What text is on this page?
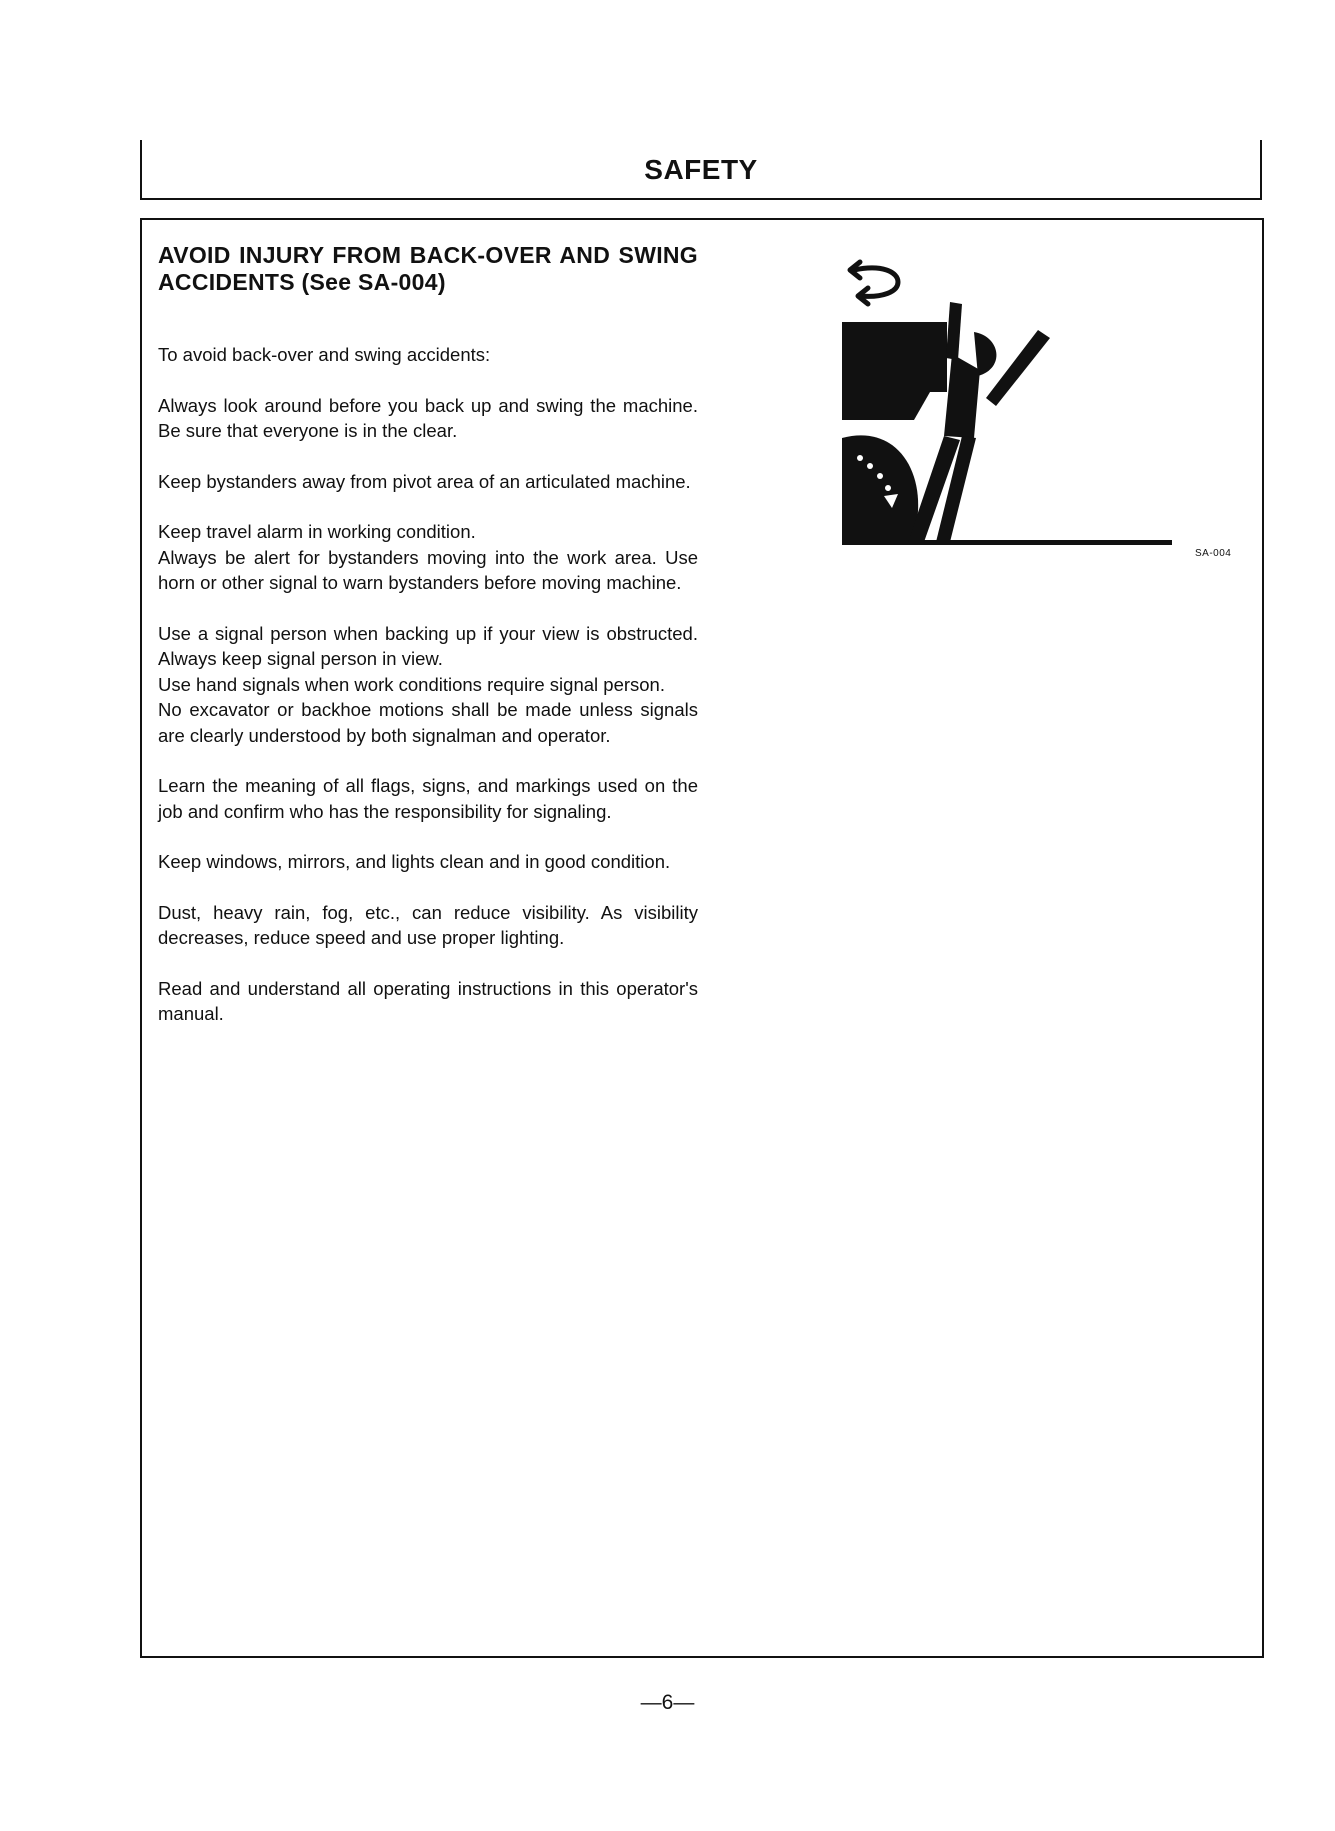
SAFETY
AVOID INJURY FROM BACK-OVER AND SWING ACCIDENTS (See SA-004)

To avoid back-over and swing accidents:

Always look around before you back up and swing the machine. Be sure that everyone is in the clear.

Keep bystanders away from pivot area of an articulated machine.

Keep travel alarm in working condition.
Always be alert for bystanders moving into the work area. Use horn or other signal to warn bystanders before moving machine.
Use a signal person when backing up if your view is obstructed. Always keep signal person in view.
Use hand signals when work conditions require signal person.
No excavator or backhoe motions shall be made unless signals are clearly understood by both signalman and operator.

Learn the meaning of all flags, signs, and markings used on the job and confirm who has the responsibility for signaling.

Keep windows, mirrors, and lights clean and in good condition.

Dust, heavy rain, fog, etc., can reduce visibility. As visibility decreases, reduce speed and use proper lighting.

Read and understand all operating instructions in this operator's manual.

SA-004
—6—
